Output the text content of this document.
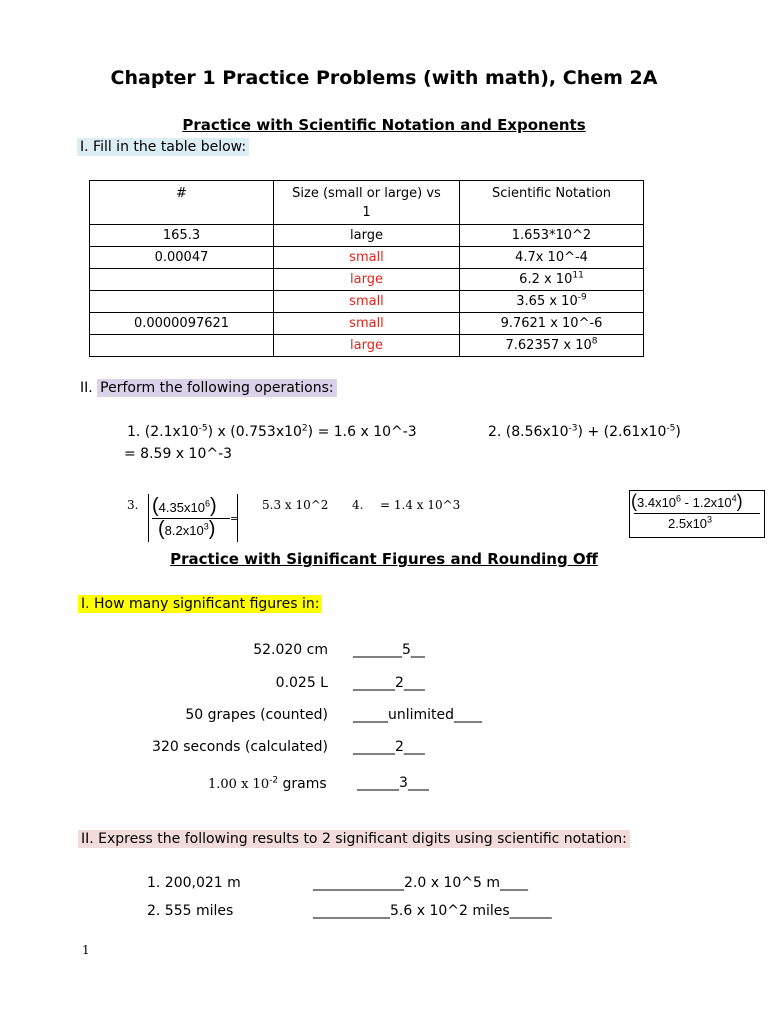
Chapter 1 Practice Problems (with math), Chem 2A
Practice with Scientific Notation and Exponents
I. Fill in the table below:
#	Size (small or large) vs 1	Scientific Notation
165.3	large	1.653*10^2
0.00047	small	4.7x 10^-4
	large	6.2 x $10^{11}$
	small	3.65 x $10^{-9}$
0.0000097621	small	9.7621 x 10^-6
	large	7.62357 x $10^8$
II. Perform the following operations:
1. $(2.1x10^{-5})$ x $(0.753x10^2) = 1.6$ x 10^-3	2. $(8.56x10^{-3}) + (2.61x10^{-5})$
= 8.59 x 10^-3
3. $(4.35x10^6)$
=
$(8.2x10^3)$
5.3 x 10^2 4. = 1.4 x 10^3	$(3.4x10^6 - 1.2x10^4)$
$2.5x10^3$
Practice with Significant Figures and Rounding Off
I. How many significant figures in:
52.020 cm _______5__
0.025 L ______2___
50 grapes (counted) _____unlimited____
320 seconds (calculated) ______2___
1.00 x $10^{-2}$ grams ______3___
II. Express the following results to 2 significant digits using scientific notation:
1. 200,021 m	_____________2.0 x 10^5 m____
2. 555 miles	___________5.6 x 10^2 miles______
1
